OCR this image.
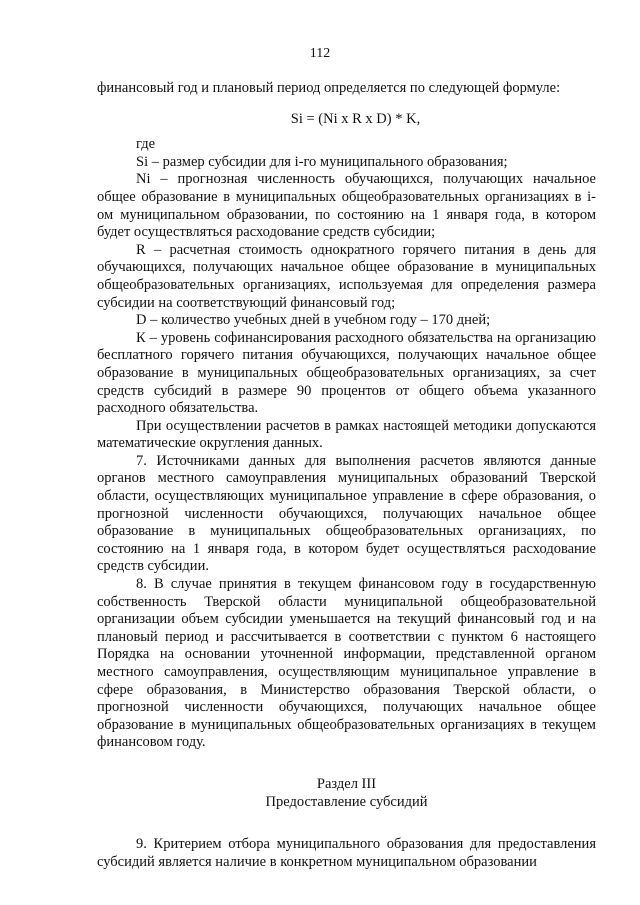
112

финансовый год и плановый период определяется по следующей формуле:

Si = (Ni x R x D) * K,

где

Si – размер субсидии для i-го муниципального образования;

Ni – прогнозная численность обучающихся, получающих начальное общее образование в муниципальных общеобразовательных организациях в i-ом муниципальном образовании, по состоянию на 1 января года, в котором будет осуществляться расходование средств субсидии;

R – расчетная стоимость однократного горячего питания в день для обучающихся, получающих начальное общее образование в муниципальных общеобразовательных организациях, используемая для определения размера субсидии на соответствующий финансовый год;

D – количество учебных дней в учебном году – 170 дней;

К – уровень софинансирования расходного обязательства на организацию бесплатного горячего питания обучающихся, получающих начальное общее образование в муниципальных общеобразовательных организациях, за счет средств субсидий в размере 90 процентов от общего объема указанного расходного обязательства.

При осуществлении расчетов в рамках настоящей методики допускаются математические округления данных.

7. Источниками данных для выполнения расчетов являются данные органов местного самоуправления муниципальных образований Тверской области, осуществляющих муниципальное управление в сфере образования, о прогнозной численности обучающихся, получающих начальное общее образование в муниципальных общеобразовательных организациях, по состоянию на 1 января года, в котором будет осуществляться расходование средств субсидии.

8. В случае принятия в текущем финансовом году в государственную собственность Тверской области муниципальной общеобразовательной организации объем субсидии уменьшается на текущий финансовый год и на плановый период и рассчитывается в соответствии с пунктом 6 настоящего Порядка на основании уточненной информации, представленной органом местного самоуправления, осуществляющим муниципальное управление в сфере образования, в Министерство образования Тверской области, о прогнозной численности обучающихся, получающих начальное общее образование в муниципальных общеобразовательных организациях в текущем финансовом году.

Раздел III

Предоставление субсидий

9. Критерием отбора муниципального образования для предоставления субсидий является наличие в конкретном муниципальном образовании
